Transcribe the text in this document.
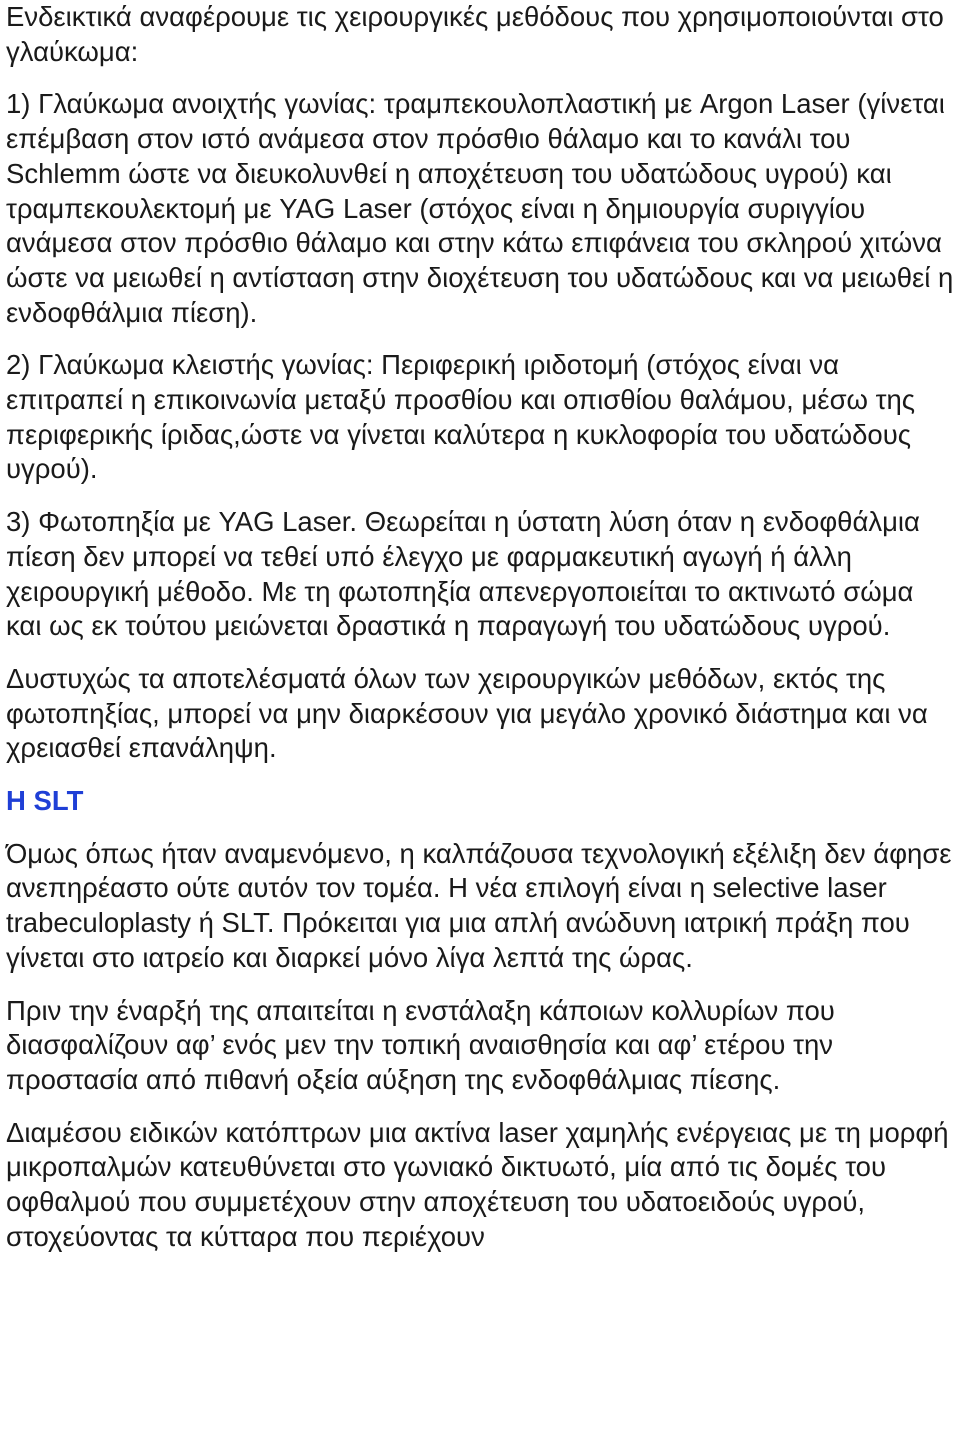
Ενδεικτικά αναφέρουμε τις χειρουργικές μεθόδους που χρησιμοποιούνται στο γλαύκωμα:

1) Γλαύκωμα ανοιχτής γωνίας: τραμπεκουλοπλαστική με Argon Laser (γίνεται επέμβαση στον ιστό ανάμεσα στον πρόσθιο θάλαμο και το κανάλι του Schlemm ώστε να διευκολυνθεί η αποχέτευση του υδατώδους υγρού) και τραμπεκουλεκτομή με YAG Laser (στόχος είναι η δημιουργία συριγγίου ανάμεσα στον πρόσθιο θάλαμο και στην κάτω επιφάνεια του σκληρού χιτώνα ώστε να μειωθεί η αντίσταση στην διοχέτευση του υδατώδους και να μειωθεί η ενδοφθάλμια πίεση).

2) Γλαύκωμα κλειστής γωνίας: Περιφερική ιριδοτομή (στόχος είναι να επιτραπεί η επικοινωνία μεταξύ προσθίου και οπισθίου θαλάμου, μέσω της περιφερικής ίριδας,ώστε να γίνεται καλύτερα η κυκλοφορία του υδατώδους υγρού).

3) Φωτοπηξία με YAG Laser. Θεωρείται η ύστατη λύση όταν η ενδοφθάλμια πίεση δεν μπορεί να τεθεί υπό έλεγχο με φαρμακευτική αγωγή ή άλλη χειρουργική μέθοδο. Με τη φωτοπηξία απενεργοποιείται το ακτινωτό σώμα και ως εκ τούτου μειώνεται δραστικά η παραγωγή του υδατώδους υγρού.

Δυστυχώς τα αποτελέσματά όλων των χειρουργικών μεθόδων, εκτός της φωτοπηξίας, μπορεί να μην διαρκέσουν για μεγάλο χρονικό διάστημα και να χρειασθεί επανάληψη.

Η SLT

Όμως όπως ήταν αναμενόμενο, η καλπάζουσα τεχνολογική εξέλιξη δεν άφησε ανεπηρέαστο ούτε αυτόν τον τομέα. Η νέα επιλογή είναι η selective laser trabeculoplasty ή SLT. Πρόκειται για μια απλή ανώδυνη ιατρική πράξη που γίνεται στο ιατρείο και διαρκεί μόνο λίγα λεπτά της ώρας.

Πριν την έναρξή της απαιτείται η ενστάλαξη κάποιων κολλυρίων που διασφαλίζουν αφ’ ενός μεν την τοπική αναισθησία και αφ’ ετέρου την προστασία από πιθανή οξεία αύξηση της ενδοφθάλμιας πίεσης.

Διαμέσου ειδικών κατόπτρων μια ακτίνα laser χαμηλής ενέργειας με τη μορφή μικροπαλμών κατευθύνεται στο γωνιακό δικτυωτό, μία από τις δομές του οφθαλμού που συμμετέχουν στην αποχέτευση του υδατοειδούς υγρού, στοχεύοντας τα κύτταρα που περιέχουν
